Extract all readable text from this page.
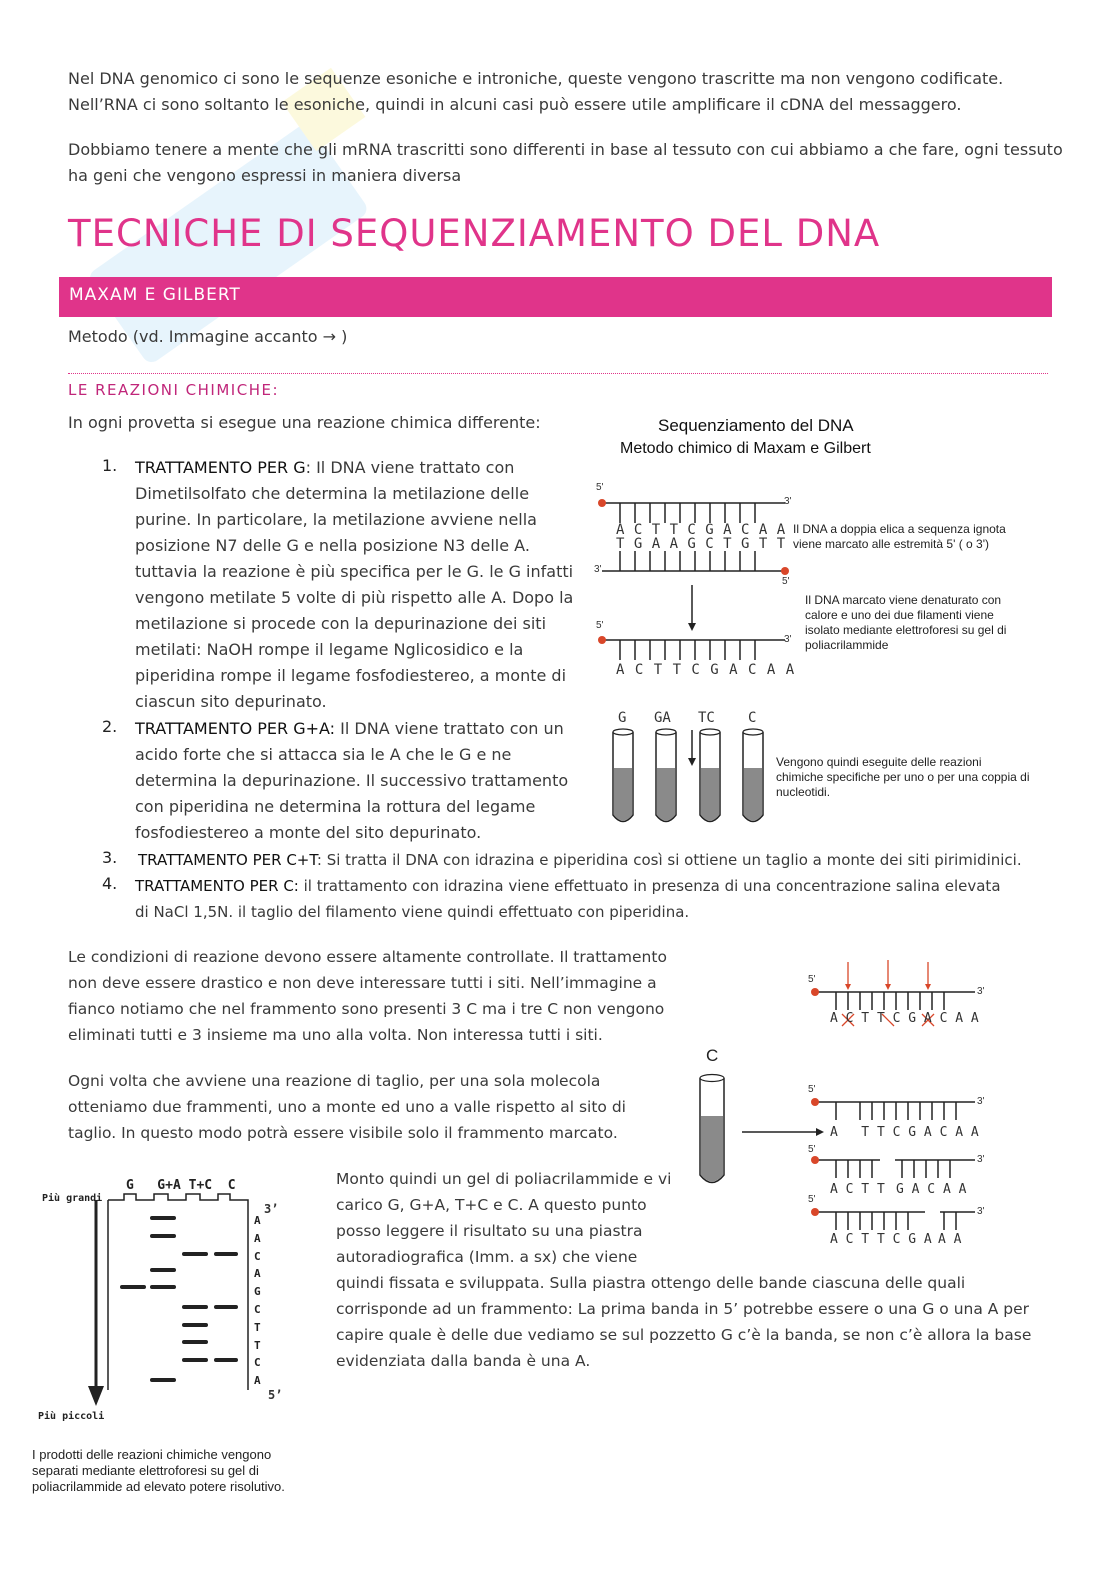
Nel DNA genomico ci sono le sequenze esoniche e introniche, queste vengono trascritte ma non vengono codificate.
Nell’RNA ci sono soltanto le esoniche, quindi in alcuni casi può essere utile amplificare il cDNA del messaggero.
Dobbiamo tenere a mente che gli mRNA trascritti sono differenti in base al tessuto con cui abbiamo a che fare, ogni tessuto
ha geni che vengono espressi in maniera diversa
TECNICHE DI SEQUENZIAMENTO DEL DNA
MAXAM E GILBERT
Metodo (vd. Immagine accanto → )
LE REAZIONI CHIMICHE:
In ogni provetta si esegue una reazione chimica differente:
1. TRATTAMENTO PER G: Il DNA viene trattato con
Dimetilsolfato che determina la metilazione delle
purine. In particolare, la metilazione avviene nella
posizione N7 delle G e nella posizione N3 delle A.
tuttavia la reazione è più specifica per le G. le G infatti
vengono metilate 5 volte di più rispetto alle A. Dopo la
metilazione si procede con la depurinazione dei siti
metilati: NaOH rompe il legame Nglicosidico e la
piperidina rompe il legame fosfodiestereo, a monte di
ciascun sito depurinato.
2. TRATTAMENTO PER G+A: Il DNA viene trattato con un
acido forte che si attacca sia le A che le G e ne
determina la depurinazione. Il successivo trattamento
con piperidina ne determina la rottura del legame
fosfodiestereo a monte del sito depurinato.
3. TRATTAMENTO PER C+T: Si tratta il DNA con idrazina e piperidina così si ottiene un taglio a monte dei siti pirimidinici.
4. TRATTAMENTO PER C: il trattamento con idrazina viene effettuato in presenza di una concentrazione salina elevata
di NaCl 1,5N. il taglio del filamento viene quindi effettuato con piperidina.
Le condizioni di reazione devono essere altamente controllate. Il trattamento
non deve essere drastico e non deve interessare tutti i siti. Nell’immagine a
fianco notiamo che nel frammento sono presenti 3 C ma i tre C non vengono
eliminati tutti e 3 insieme ma uno alla volta. Non interessa tutti i siti.
Ogni volta che avviene una reazione di taglio, per una sola molecola
otteniamo due frammenti, uno a monte ed uno a valle rispetto al sito di
taglio. In questo modo potrà essere visibile solo il frammento marcato.
Monto quindi un gel di poliacrilammide e vi
carico G, G+A, T+C e C. A questo punto
posso leggere il risultato su una piastra
autoradiografica (Imm. a sx) che viene
quindi fissata e sviluppata. Sulla piastra ottengo delle bande ciascuna delle quali
corrisponde ad un frammento: La prima banda in 5’ potrebbe essere o una G o una A per
capire quale è delle due vediamo se sul pozzetto G c’è la banda, se non c’è allora la base
evidenziata dalla banda è una A.
Sequenziamento del DNA
Metodo chimico di Maxam e Gilbert
A C T T C G A C A A
T G A A G C T G T T
A C T T C G A C A A
5'
3'
3'
5'
5'
3'
G GA TC C
Il DNA a doppia elica a sequenza ignota
viene marcato alle estremità 5' ( o 3')
Il DNA marcato viene denaturato con
calore e uno dei due filamenti viene
isolato mediante elettroforesi su gel di
poliacrilammide
Vengono quindi eseguite delle reazioni
chimiche specifiche per uno o per una coppia di
nucleotidi.
5'
3'
A C T T C G A C A A
C
5'
3'
A   T T C G A C A A
5'
3'
A C T T G A C A A
5'
3'
A C T T C G A A A
G   G+A T+C  C
Più grandi
Più piccoli
3’
5’
A
A
C
A
G
C
T
T
C
A
I prodotti delle reazioni chimiche vengono
separati mediante elettroforesi su gel di
poliacrilammide ad elevato potere risolutivo.
